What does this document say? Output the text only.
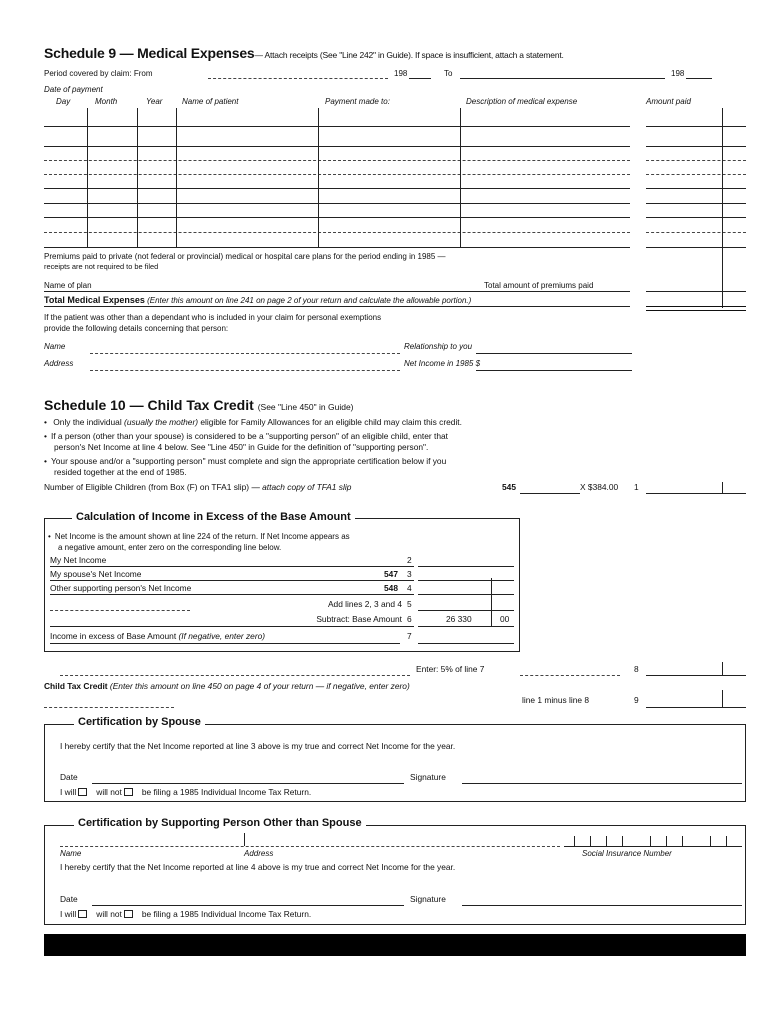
Schedule 9 — Medical Expenses— Attach receipts (See "Line 242" in Guide). If space is insufficient, attach a statement.
Period covered by claim: From	198	To	198
Date of payment
Day	Month	Year Name of patient	Payment made to:	Description of medical expense	Amount paid
Premiums paid to private (not federal or provincial) medical or hospital care plans for the period ending in 1985 —
receipts are not required to be filed
Name of plan	Total amount of premiums paid
Total Medical Expenses (Enter this amount on line 241 on page 2 of your return and calculate the allowable portion.)
If the patient was other than a dependant who is included in your claim for personal exemptions
provide the following details concerning that person:
Name	Relationship to you
Address	Net Income in 1985 $
Schedule 10 — Child Tax Credit (See "Line 450" in Guide)
• Only the individual (usually the mother) eligible for Family Allowances for an eligible child may claim this credit.
• If a person (other than your spouse) is considered to be a "supporting person" of an eligible child, enter that
person's Net Income at line 4 below. See "Line 450" in Guide for the definition of "supporting person".
• Your spouse and/or a "supporting person" must complete and sign the appropriate certification below if you
resided together at the end of 1985.
Number of Eligible Children (from Box (F) on TFA1 slip) — attach copy of TFA1 slip	545	X $384.00 1
Calculation of Income in Excess of the Base Amount
• Net Income is the amount shown at line 224 of the return. If Net Income appears as
a negative amount, enter zero on the corresponding line below.
My Net Income	2
My spouse's Net Income	547 3
Other supporting person's Net Income	548 4
Add lines 2, 3 and 4 5
Subtract: Base Amount 6	26 330	00
Income in excess of Base Amount (If negative, enter zero)	7
Enter: 5% of line 7	8
Child Tax Credit (Enter this amount on line 450 on page 4 of your return — if negative, enter zero)
line 1 minus line 8	9
Certification by Spouse
I hereby certify that the Net Income reported at line 3 above is my true and correct Net Income for the year.
Date	Signature
I will will not be filing a 1985 Individual Income Tax Return.
Certification by Supporting Person Other than Spouse
Name	Address	Social Insurance Number
I hereby certify that the Net Income reported at line 4 above is my true and correct Net Income for the year.
Date	Signature
I will will not be filing a 1985 Individual Income Tax Return.
